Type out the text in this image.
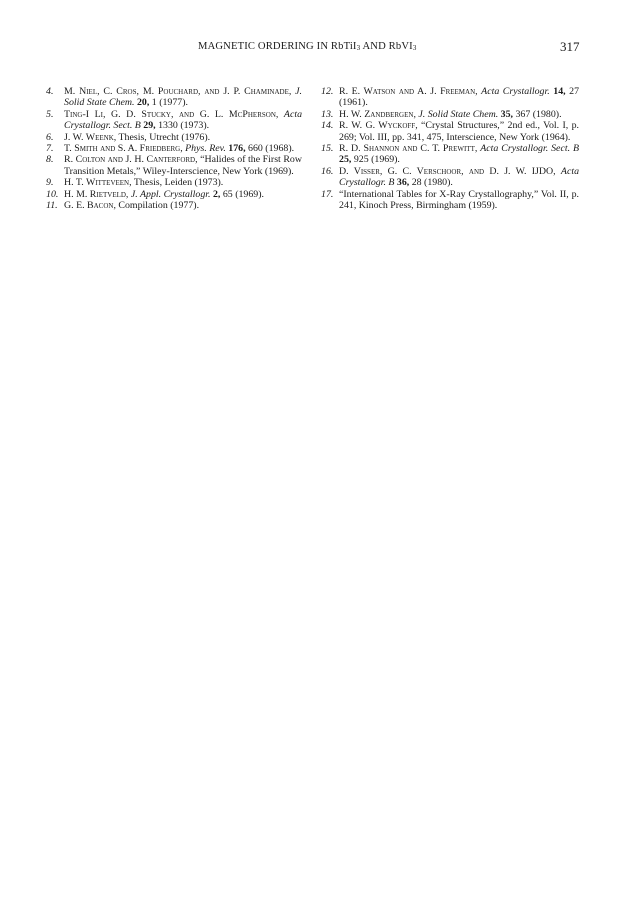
MAGNETIC ORDERING IN RbTiI3 AND RbVI3	317
4.	M. Niel, C. Cros, M. Pouchard, and J. P. Chaminade, J. Solid State Chem. 20, 1 (1977).
5.	Ting-I Li, G. D. Stucky, and G. L. McPherson, Acta Crystallogr. Sect. B 29, 1330 (1973).
6.	J. W. Weenk, Thesis, Utrecht (1976).
7.	T. Smith and S. A. Friedberg, Phys. Rev. 176, 660 (1968).
8.	R. Colton and J. H. Canterford, “Halides of the First Row Transition Metals,” Wiley-Interscience, New York (1969).
9.	H. T. Witteveen, Thesis, Leiden (1973).
10. H. M. Rietveld, J. Appl. Crystallogr. 2, 65 (1969).
11. G. E. Bacon, Compilation (1977).
12. R. E. Watson and A. J. Freeman, Acta Crystallogr. 14, 27 (1961).
13. H. W. Zandbergen, J. Solid State Chem. 35, 367 (1980).
14. R. W. G. Wyckoff, “Crystal Structures,” 2nd ed., Vol. I, p. 269; Vol. III, pp. 341, 475, Interscience, New York (1964).
15. R. D. Shannon and C. T. Prewitt, Acta Crystallogr. Sect. B 25, 925 (1969).
16. D. Visser, G. C. Verschoor, and D. J. W. IJDO, Acta Crystallogr. B 36, 28 (1980).
17. “International Tables for X-Ray Crystallography,” Vol. II, p. 241, Kinoch Press, Birmingham (1959).
